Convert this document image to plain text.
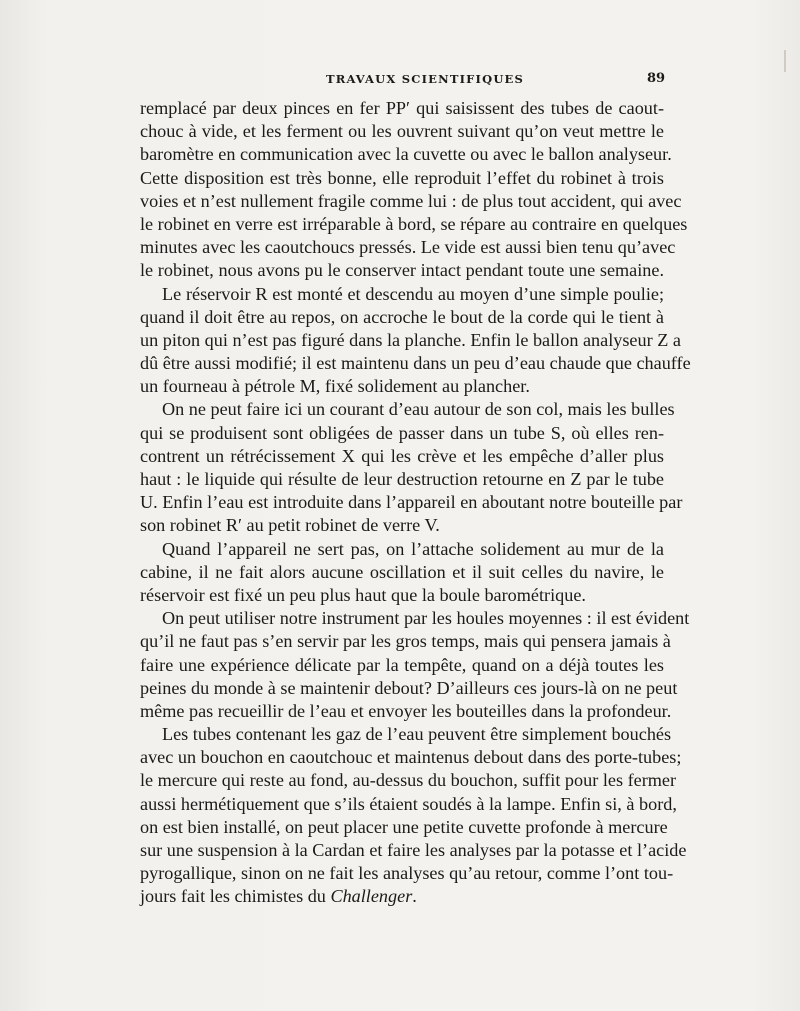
TRAVAUX SCIENTIFIQUES	89
remplacé par deux pinces en fer PP′ qui saisissent des tubes de caout-
chouc à vide, et les ferment ou les ouvrent suivant qu’on veut mettre le
baromètre en communication avec la cuvette ou avec le ballon analyseur.
Cette disposition est très bonne, elle reproduit l’effet du robinet à trois
voies et n’est nullement fragile comme lui : de plus tout accident, qui avec
le robinet en verre est irréparable à bord, se répare au contraire en quelques
minutes avec les caoutchoucs pressés. Le vide est aussi bien tenu qu’avec
le robinet, nous avons pu le conserver intact pendant toute une semaine.
Le réservoir R est monté et descendu au moyen d’une simple poulie;
quand il doit être au repos, on accroche le bout de la corde qui le tient à
un piton qui n’est pas figuré dans la planche. Enfin le ballon analyseur Z a
dû être aussi modifié; il est maintenu dans un peu d’eau chaude que chauffe
un fourneau à pétrole M, fixé solidement au plancher.
On ne peut faire ici un courant d’eau autour de son col, mais les bulles
qui se produisent sont obligées de passer dans un tube S, où elles ren-
contrent un rétrécissement X qui les crève et les empêche d’aller plus
haut : le liquide qui résulte de leur destruction retourne en Z par le tube
U. Enfin l’eau est introduite dans l’appareil en aboutant notre bouteille par
son robinet R′ au petit robinet de verre V.
Quand l’appareil ne sert pas, on l’attache solidement au mur de la
cabine, il ne fait alors aucune oscillation et il suit celles du navire, le
réservoir est fixé un peu plus haut que la boule barométrique.
On peut utiliser notre instrument par les houles moyennes : il est évident
qu’il ne faut pas s’en servir par les gros temps, mais qui pensera jamais à
faire une expérience délicate par la tempête, quand on a déjà toutes les
peines du monde à se maintenir debout? D’ailleurs ces jours-là on ne peut
même pas recueillir de l’eau et envoyer les bouteilles dans la profondeur.
Les tubes contenant les gaz de l’eau peuvent être simplement bouchés
avec un bouchon en caoutchouc et maintenus debout dans des porte-tubes;
le mercure qui reste au fond, au-dessus du bouchon, suffit pour les fermer
aussi hermétiquement que s’ils étaient soudés à la lampe. Enfin si, à bord,
on est bien installé, on peut placer une petite cuvette profonde à mercure
sur une suspension à la Cardan et faire les analyses par la potasse et l’acide
pyrogallique, sinon on ne fait les analyses qu’au retour, comme l’ont tou-
jours fait les chimistes du Challenger.
